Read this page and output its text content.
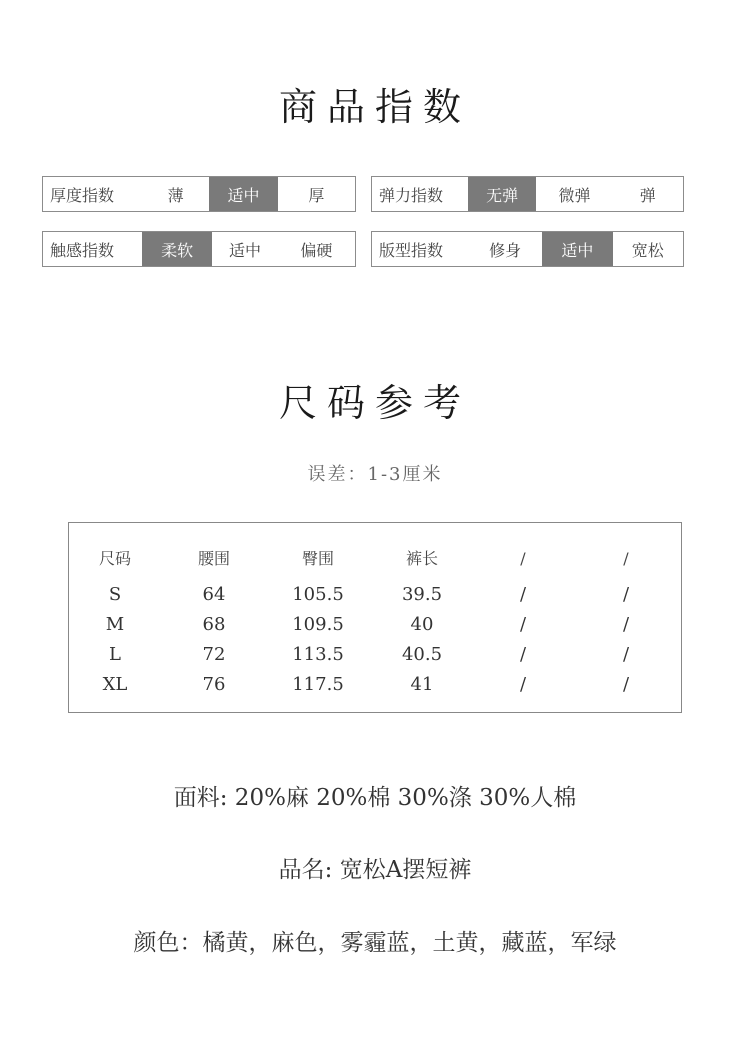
商品指数
厚度指数	薄	适中	厚	弹力指数	无弹	微弹	弹
触感指数	柔软	适中	偏硬	版型指数	修身	适中	宽松
尺码参考
误差：1-3厘米
尺码	腰围	臀围	裤长	/	/
S	64	105.5	39.5	/	/
M	68	109.5	40	/	/
L	72	113.5	40.5	/	/
XL	76	117.5	41	/	/
面料: 20%麻 20%棉 30%涤 30%人棉
品名: 宽松A摆短裤
颜色：橘黄，麻色，雾霾蓝，土黄，藏蓝，军绿
